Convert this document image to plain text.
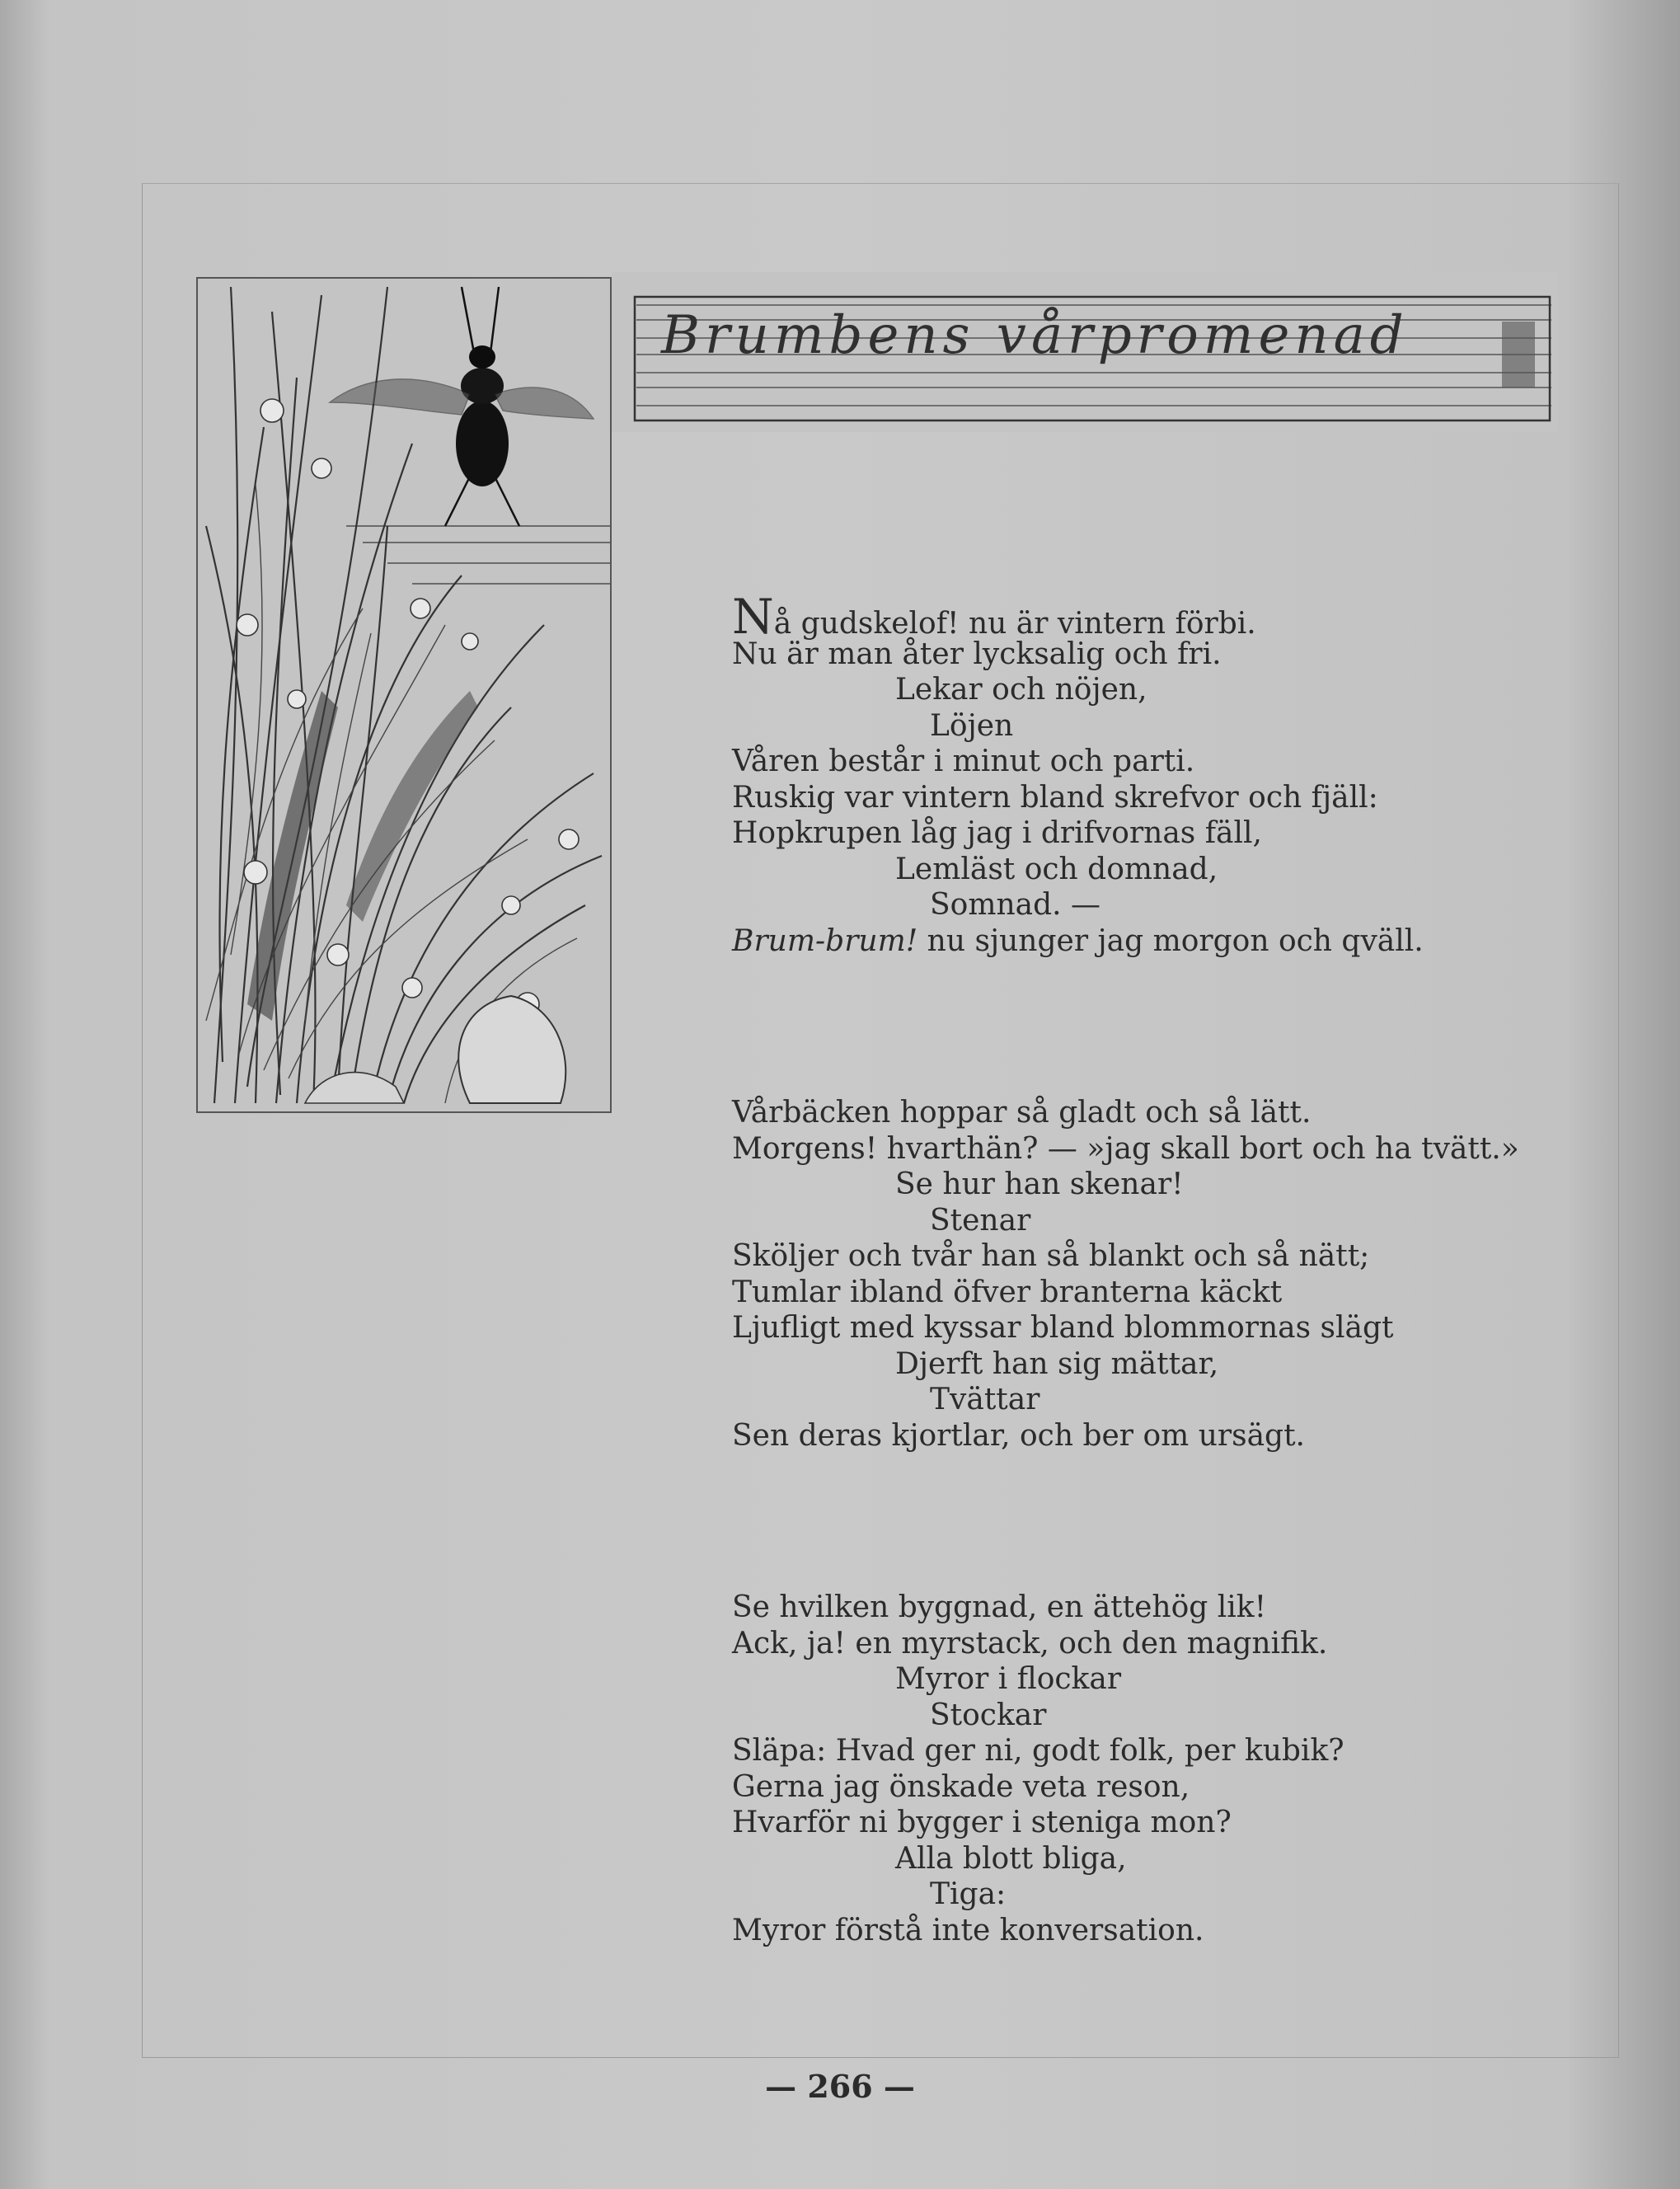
Brumbens vårpromenad
Nå gudskelof! nu är vintern förbi.
Nu är man åter lycksalig och fri.
Lekar och nöjen,
Löjen
Våren består i minut och parti.
Ruskig var vintern bland skrefvor och fjäll:
Hopkrupen låg jag i drifvornas fäll,
Lemläst och domnad,
Somnad. —
Brum-brum! nu sjunger jag morgon och qväll.
Vårbäcken hoppar så gladt och så lätt.
Morgens! hvarthän? — »jag skall bort och ha tvätt.»
Se hur han skenar!
Stenar
Sköljer och tvår han så blankt och så nätt;
Tumlar ibland öfver branterna käckt
Ljufligt med kyssar bland blommornas slägt
Djerft han sig mättar,
Tvättar
Sen deras kjortlar, och ber om ursägt.
Se hvilken byggnad, en ättehög lik!
Ack, ja! en myrstack, och den magnifik.
Myror i flockar
Stockar
Släpa: Hvad ger ni, godt folk, per kubik?
Gerna jag önskade veta reson,
Hvarför ni bygger i steniga mon?
Alla blott bliga,
Tiga:
Myror förstå inte konversation.
— 266 —
